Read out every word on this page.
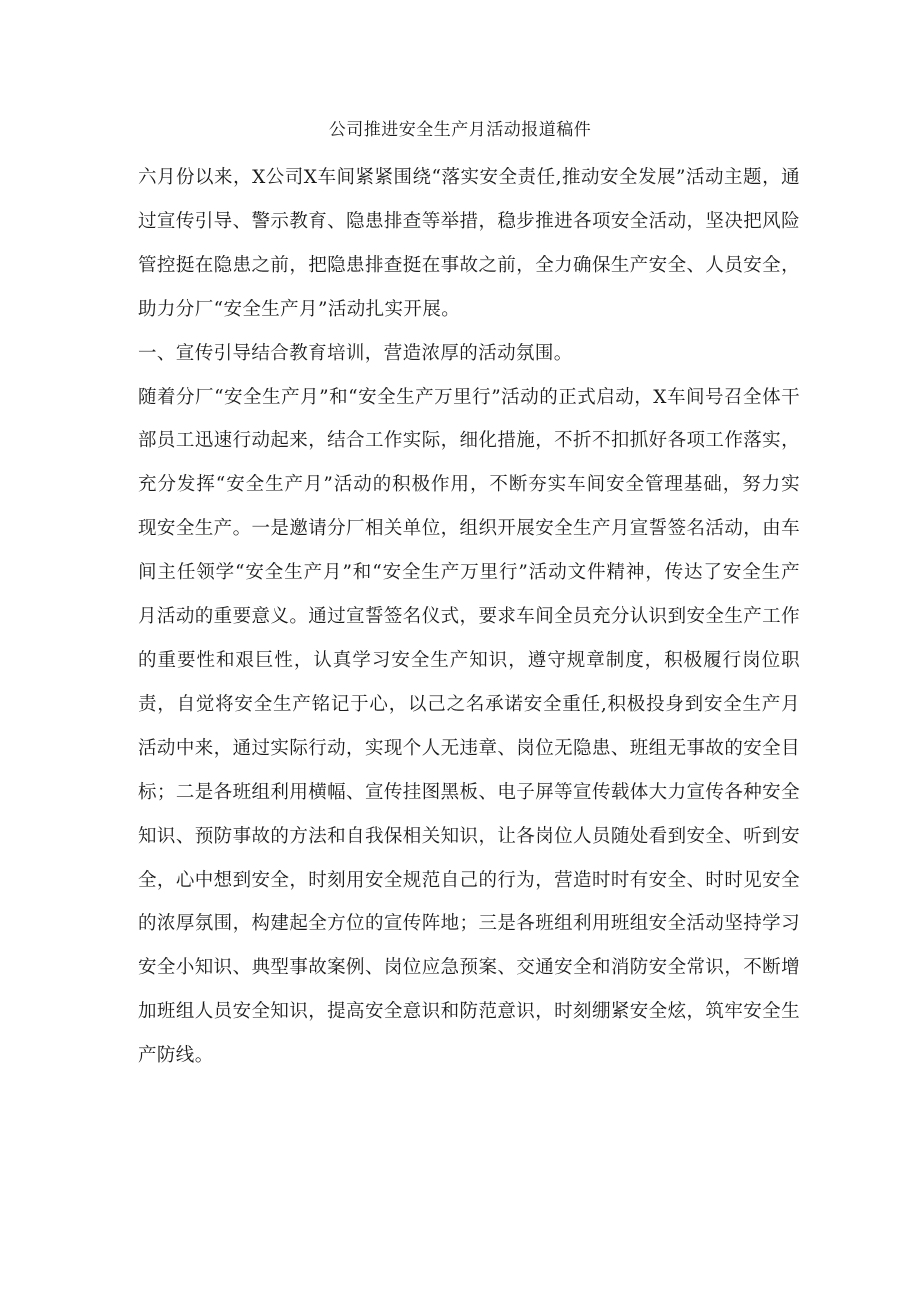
公司推进安全生产月活动报道稿件

六月份以来，X公司X车间紧紧围绕“落实安全责任,推动安全发展”活动主题，通过宣传引导、警示教育、隐患排查等举措，稳步推进各项安全活动，坚决把风险管控挺在隐患之前，把隐患排查挺在事故之前，全力确保生产安全、人员安全，助力分厂“安全生产月”活动扎实开展。

一、宣传引导结合教育培训，营造浓厚的活动氛围。

随着分厂“安全生产月”和“安全生产万里行”活动的正式启动，X车间号召全体干部员工迅速行动起来，结合工作实际，细化措施，不折不扣抓好各项工作落实，充分发挥“安全生产月”活动的积极作用，不断夯实车间安全管理基础，努力实现安全生产。一是邀请分厂相关单位，组织开展安全生产月宣誓签名活动，由车间主任领学“安全生产月”和“安全生产万里行”活动文件精神，传达了安全生产月活动的重要意义。通过宣誓签名仪式，要求车间全员充分认识到安全生产工作的重要性和艰巨性，认真学习安全生产知识，遵守规章制度，积极履行岗位职责，自觉将安全生产铭记于心，以己之名承诺安全重任,积极投身到安全生产月活动中来，通过实际行动，实现个人无违章、岗位无隐患、班组无事故的安全目标；二是各班组利用横幅、宣传挂图黑板、电子屏等宣传载体大力宣传各种安全知识、预防事故的方法和自我保相关知识，让各岗位人员随处看到安全、听到安全，心中想到安全，时刻用安全规范自己的行为，营造时时有安全、时时见安全的浓厚氛围，构建起全方位的宣传阵地；三是各班组利用班组安全活动坚持学习安全小知识、典型事故案例、岗位应急预案、交通安全和消防安全常识，不断增加班组人员安全知识，提高安全意识和防范意识，时刻绷紧安全炫，筑牢安全生产防线。
